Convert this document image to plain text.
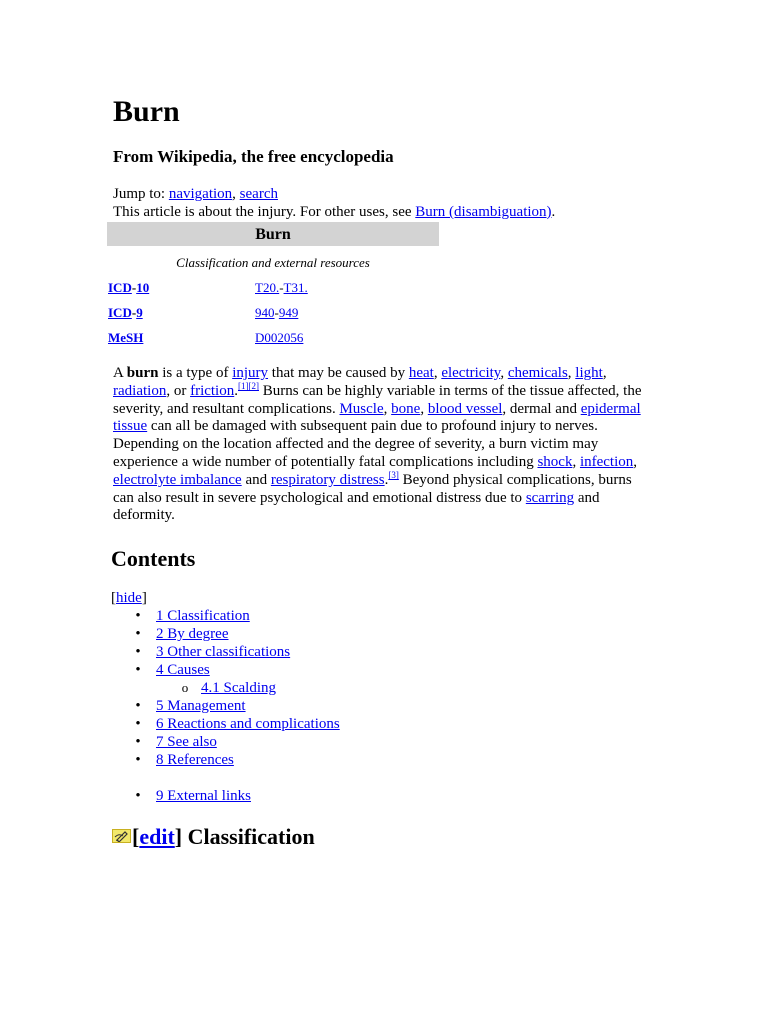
Burn
From Wikipedia, the free encyclopedia
Jump to: navigation, search
This article is about the injury. For other uses, see Burn (disambiguation).
Burn
Classification and external resources
ICD-10	T20.-T31.
ICD-9	940-949
MeSH	D002056
A burn is a type of injury that may be caused by heat, electricity, chemicals, light, radiation, or friction.[1][2] Burns can be highly variable in terms of the tissue affected, the severity, and resultant complications. Muscle, bone, blood vessel, dermal and epidermal tissue can all be damaged with subsequent pain due to profound injury to nerves. Depending on the location affected and the degree of severity, a burn victim may experience a wide number of potentially fatal complications including shock, infection, electrolyte imbalance and respiratory distress.[3] Beyond physical complications, burns can also result in severe psychological and emotional distress due to scarring and deformity.
Contents
[hide]
• 1 Classification
• 2 By degree
• 3 Other classifications
• 4 Causes
o 4.1 Scalding
• 5 Management
• 6 Reactions and complications
• 7 See also
• 8 References
• 9 External links
[edit] Classification
